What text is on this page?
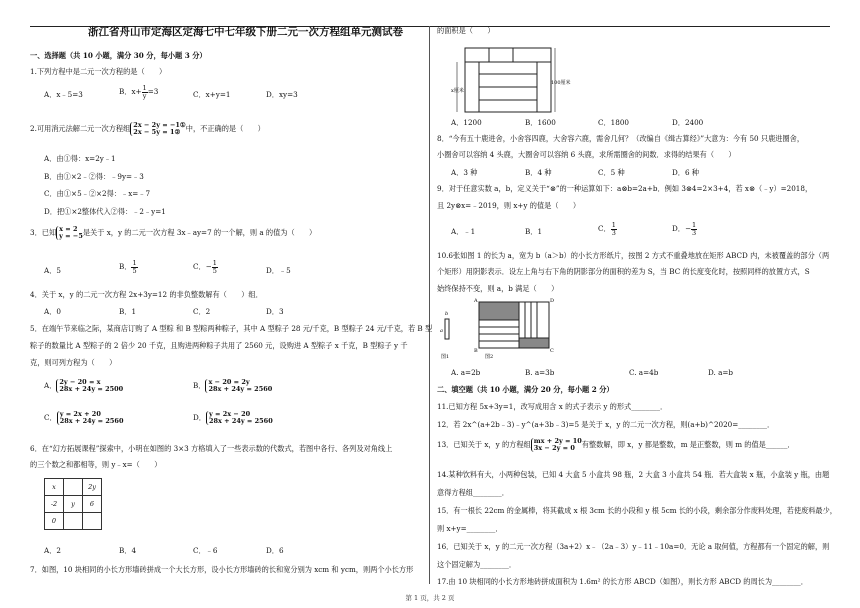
浙江省舟山市定海区定海七中七年级下册二元一次方程组单元测试卷
一、选择题（共 10 小题，满分 30 分，每小题 3 分）
1.下列方程中是二元一次方程的是（　　）
A．x﹣5=3	B．$x+ \frac{1}{y} =3$	C．x+y=1	D．xy=3
2.可用消元法解二元一次方程组 2x − 2y = −1①
2x − 5y = 1② 中，不正确的是（　　）
A．由①得：x=2y﹣1
B．由①×2﹣②得：﹣9y=﹣3
C．由①×5﹣②×2得：﹣x=﹣7
D．把①×2整体代入②得：﹣2﹣y=1
3．已知 x = 2
y = −5 是关于 x，y 的二元一次方程 3x﹣ay=7 的一个解，则 a 的值为（　　）
A．5	B． $\frac{1}{5}$	C．− $\frac{1}{5}$	D．﹣5
4．关于 x，y 的二元一次方程 2x+3y=12 的非负整数解有（　　）组．
A．0	B．1	C．2	D．3
5．在端午节来临之际，某商店订购了 A 型粽 和 B 型粽两种粽子，其中 A 型粽子 28 元/千克，B 型粽子 24 元/千克，若 B 型
粽子的数量比 A 型粽子的 2 倍少 20 千克，且购进两种粽子共用了 2560 元，设购进 A 型粽子 x 千克，B 型粽子 y 千
克，则可列方程为（　　）
A． 2y − 20 = x
28x + 24y = 2500	B． x − 20 = 2y
28x + 24y = 2560
C． y = 2x + 20
28x + 24y = 2560	D． y = 2x − 20
28x + 24y = 2560
6．在“幻方拓展课程”探索中，小明在如图的 3×3 方格填入了一些表示数的代数式，若图中各行、各列及对角线上
的三个数之和都相等，则 y﹣x=（　　）
x		2y
-2	y	6
0		
A．2	B．4	C．﹣6	D．6
7．如图，10 块相同的小长方形墙砖拼成一个大长方形，设小长方形墙砖的长和宽分别为 xcm 和 ycm，则两个小长方形
的面积是（　　）
100厘米
x厘米
A．1200	B．1600	C．1800	D．2400
8．“今有五十鹿进舍，小舍容四鹿，大舍容六鹿，需舍几何？（改编自《缉古算经》”大意为：今有 50 只鹿进圈舍，
小圈舍可以容纳 4 头鹿，大圈舍可以容纳 6 头鹿，求所需圈舍的间数．求得的结果有（　　）
A．3 种	B．4 种	C．5 种	D．6 种
9．对于任意实数 a，b，定义关于“⊗”的一种运算如下：a⊗b=2a+b．例如 3⊗4=2×3+4，若 x⊗（﹣y）=2018，
且 2y⊗x=﹣2019，则 x+y 的值是（　　）
A．﹣1	B．1	C． $\frac{1}{3}$	D．− $\frac{1}{3}$
10.6张如图 1 的长为 a，宽为 b（a＞b）的小长方形纸片，按图 2 方式不重叠地放在矩形 ABCD 内，未被覆盖的部分（两
个矩形）用阴影表示．设左上角与右下角的阴影部分的面积的差为 S，当 BC 的长度变化时，按照同样的放置方式，S
始终保持不变，则 a，b 满足（　　）
a
b
图1
A	D
B	C
图2
A. a=2b	B. a=3b	C. a=4b	D. a=b
二、填空题（共 10 小题，满分 20 分，每小题 2 分）
11.已知方程 5x+3y=1，改写成用含 x 的式子表示 y 的形式________．
12．若 2x^(a+2b﹣3)﹣y^(a+3b﹣3)=5 是关于 x，y 的二元一次方程，则(a+b)^2020=________．
13．已知关于 x，y 的方程组 mx + 2y = 10
3x − 2y = 0 有整数解，即 x，y 都是整数，m 是正整数，则 m 的值是______．
14.某种饮料有大，小两种包装，已知 4 大盒 5 小盒共 98 瓶，2 大盒 3 小盒共 54 瓶．若大盒装 x 瓶，小盒装 y 瓶，由题
意得方程组________．
15．有一根长 22cm 的金属棒，将其截成 x 根 3cm 长的小段和 y 根 5cm 长的小段，剩余部分作废料处理，若使废料最少，
则 x+y=________．
16．已知关于 x，y 的二元一次方程（3a+2）x﹣（2a﹣3）y﹣11﹣10a=0．无论 a 取何值，方程都有一个固定的解，则
这个固定解为________．
17.由 10 块相同的小长方形地砖拼成面积为 1.6m² 的长方形 ABCD（如图），则长方形 ABCD 的周长为________．
第 1 页，共 2 页
